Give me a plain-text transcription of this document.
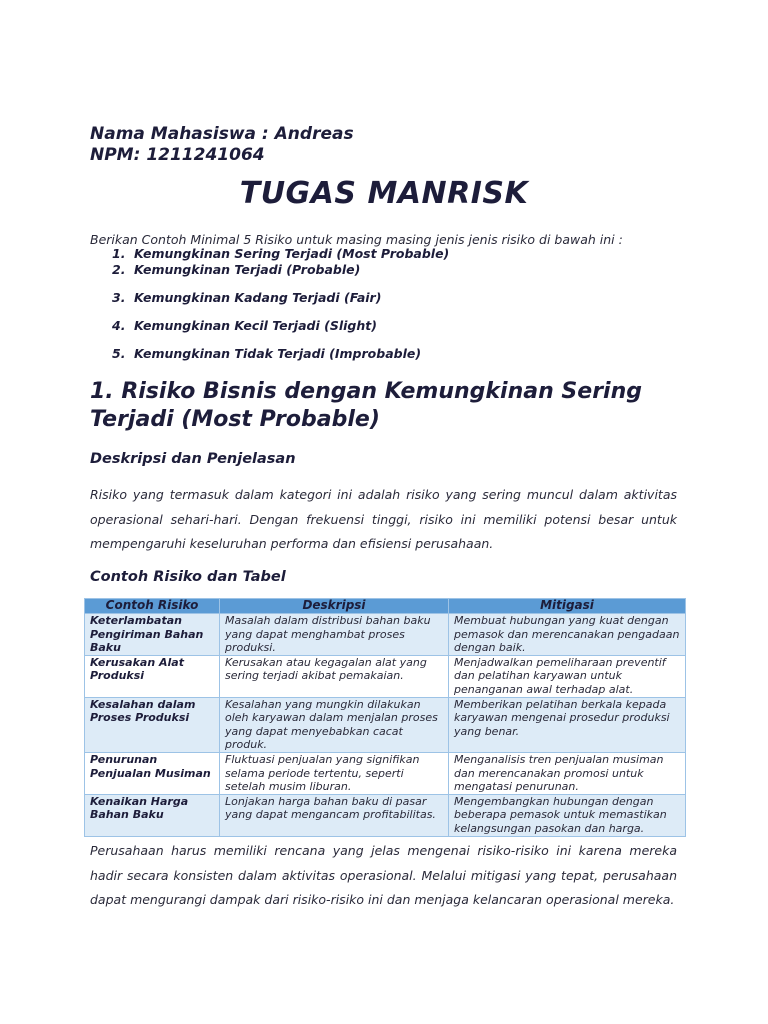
Nama Mahasiswa : Andreas
NPM: 1211241064
TUGAS MANRISK
Berikan Contoh Minimal 5 Risiko untuk masing masing jenis jenis risiko di bawah ini :
1. Kemungkinan Sering Terjadi (Most Probable)
2. Kemungkinan Terjadi (Probable)
3. Kemungkinan Kadang Terjadi (Fair)
4. Kemungkinan Kecil Terjadi (Slight)
5. Kemungkinan Tidak Terjadi (Improbable)
1. Risiko Bisnis dengan Kemungkinan Sering Terjadi (Most Probable)
Deskripsi dan Penjelasan
Risiko yang termasuk dalam kategori ini adalah risiko yang sering muncul dalam aktivitas operasional sehari-hari. Dengan frekuensi tinggi, risiko ini memiliki potensi besar untuk mempengaruhi keseluruhan performa dan efisiensi perusahaan.
Contoh Risiko dan Tabel
Contoh Risiko	Deskripsi	Mitigasi
Keterlambatan Pengiriman Bahan Baku	Masalah dalam distribusi bahan baku yang dapat menghambat proses produksi.	Membuat hubungan yang kuat dengan pemasok dan merencanakan pengadaan dengan baik.
Kerusakan Alat Produksi	Kerusakan atau kegagalan alat yang sering terjadi akibat pemakaian.	Menjadwalkan pemeliharaan preventif dan pelatihan karyawan untuk penanganan awal terhadap alat.
Kesalahan dalam Proses Produksi	Kesalahan yang mungkin dilakukan oleh karyawan dalam menjalan proses yang dapat menyebabkan cacat produk.	Memberikan pelatihan berkala kepada karyawan mengenai prosedur produksi yang benar.
Penurunan Penjualan Musiman	Fluktuasi penjualan yang signifikan selama periode tertentu, seperti setelah musim liburan.	Menganalisis tren penjualan musiman dan merencanakan promosi untuk mengatasi penurunan.
Kenaikan Harga Bahan Baku	Lonjakan harga bahan baku di pasar yang dapat mengancam profitabilitas.	Mengembangkan hubungan dengan beberapa pemasok untuk memastikan kelangsungan pasokan dan harga.
Perusahaan harus memiliki rencana yang jelas mengenai risiko-risiko ini karena mereka hadir secara konsisten dalam aktivitas operasional. Melalui mitigasi yang tepat, perusahaan dapat mengurangi dampak dari risiko-risiko ini dan menjaga kelancaran operasional mereka.
